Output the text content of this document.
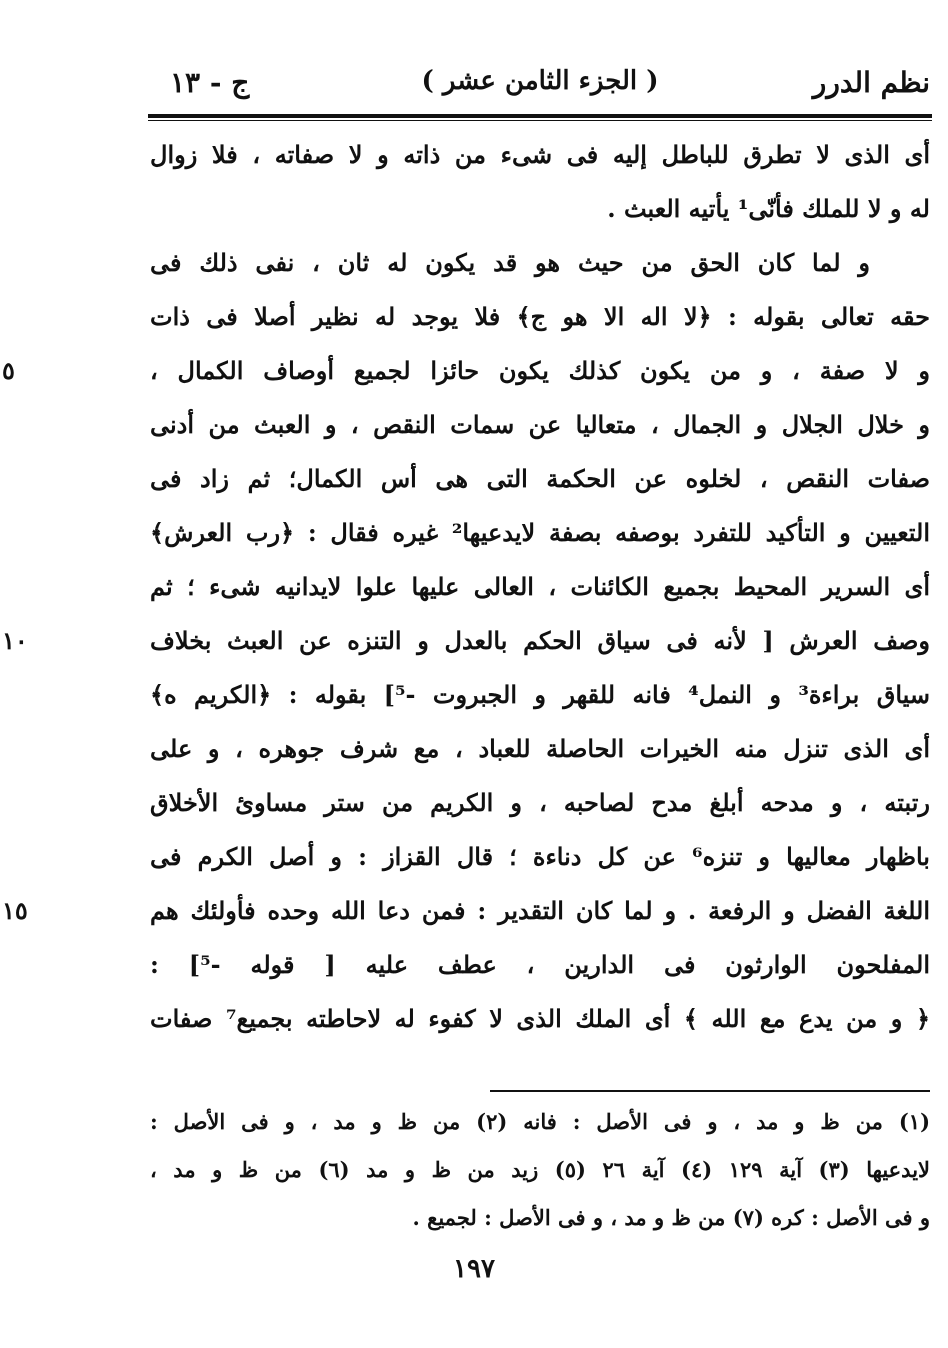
نظم الدرر
( الجزء الثامن عشر )
ج - ١٣
أى الذى لا تطرق للباطل إليه فى شىء من ذاته و لا صفاته ، فلا زوال
له و لا للملك فأنّى¹ يأتيه العبث .
و لما كان الحق من حيث هو قد يكون له ثان ، نفى ذلك فى
حقه تعالى بقوله : ﴿لا اله الا هو ج﴾ فلا يوجد له نظير أصلا فى ذات
و لا صفة ، و من يكون كذلك يكون حائزا لجميع أوصاف الكمال ،
٥
و خلال الجلال و الجمال ، متعاليا عن سمات النقص ، و العبث من أدنى
صفات النقص ، لخلوه عن الحكمة التى هى أس الكمال؛ ثم زاد فى
التعيين و التأكيد للتفرد بوصفه بصفة لايدعيها² غيره فقال : ﴿رب العرش﴾
أى السرير المحيط بجميع الكائنات ، العالى عليها علوا لايدانيه شىء ؛ ثم
وصف العرش [ لأنه فى سياق الحكم بالعدل و التنزه عن العبث بخلاف
١٠
سياق براءة³ و النمل⁴ فانه للقهر و الجبروت -⁵] بقوله : ﴿الكريم ه﴾
أى الذى تنزل منه الخيرات الحاصلة للعباد ، مع شرف جوهره ، و على
رتبته ، و مدحه أبلغ مدح لصاحبه ، و الكريم من ستر مساوئ الأخلاق
باظهار معاليها و تنزه⁶ عن كل دناءة ؛ قال القزاز : و أصل الكرم فى
اللغة الفضل و الرفعة . و لما كان التقدير : فمن دعا الله وحده فأولئك هم
١٥
المفلحون الوارثون فى الدارين ، عطف عليه [ قوله -⁵] :
﴿ و من يدع مع الله ﴾ أى الملك الذى لا كفوء له لاحاطته بجميع⁷ صفات
(١) من ظ و مد ، و فى الأصل : فانه (٢) من ظ و مد ، و فى الأصل :
لايدعيها (٣) آية ١٢٩ (٤) آية ٢٦ (٥) زيد من ظ و مد (٦) من ظ و مد ،
و فى الأصل : كره (٧) من ظ و مد ، و فى الأصل : لجميع .
١٩٧
